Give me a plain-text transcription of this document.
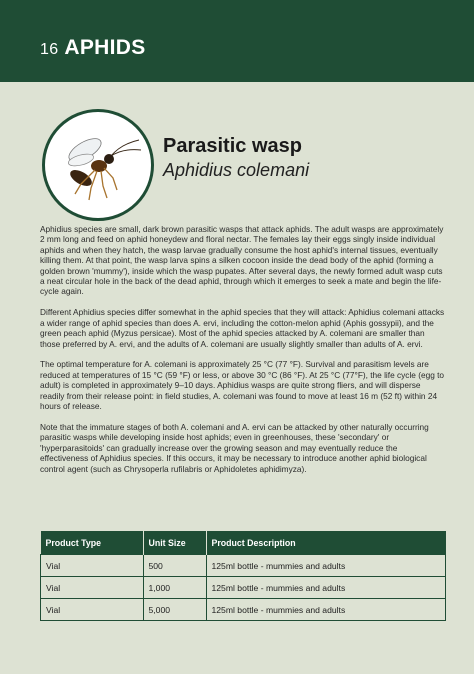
16 APHIDS
Parasitic wasp
Aphidius colemani

Aphidius species are small, dark brown parasitic wasps that attack aphids. The adult wasps are approximately 2 mm long and feed on aphid honeydew and floral nectar. The females lay their eggs singly inside individual aphids and when they hatch, the wasp larvae gradually consume the host aphid's internal tissues, eventually killing them. At that point, the wasp larva spins a silken cocoon inside the dead body of the aphid (forming a golden brown 'mummy'), inside which the wasp pupates. After several days, the newly formed adult wasp cuts a neat circular hole in the back of the dead aphid, through which it emerges to seek a mate and begin the life-cycle again.

Different Aphidius species differ somewhat in the aphid species that they will attack: Aphidius colemani attacks a wider range of aphid species than does A. ervi, including the cotton-melon aphid (Aphis gossypii), and the green peach aphid (Myzus persicae). Most of the aphid species attacked by A. colemani are smaller than those preferred by A. ervi, and the adults of A. colemani are usually slightly smaller than adults of A. ervi.

The optimal temperature for A. colemani is approximately 25 °C (77 °F). Survival and parasitism levels are reduced at temperatures of 15 °C (59 °F) or less, or above 30 °C (86 °F). At 25 °C (77°F), the life cycle (egg to adult) is completed in approximately 9–10 days. Aphidius wasps are quite strong fliers, and will disperse readily from their release point: in field studies, A. colemani was found to move at least 16 m (52 ft) within 24 hours of release.

Note that the immature stages of both A. colemani and A. ervi can be attacked by other naturally occurring parasitic wasps while developing inside host aphids; even in greenhouses, these 'secondary' or 'hyperparasitoids' can gradually increase over the growing season and may eventually reduce the effectiveness of Aphidius species. If this occurs, it may be necessary to introduce another aphid biological control agent (such as Chrysoperla rufilabris or Aphidoletes aphidimyza).

Product Type	Unit Size	Product Description
Vial	500	125ml bottle - mummies and adults
Vial	1,000	125ml bottle - mummies and adults
Vial	5,000	125ml bottle - mummies and adults
